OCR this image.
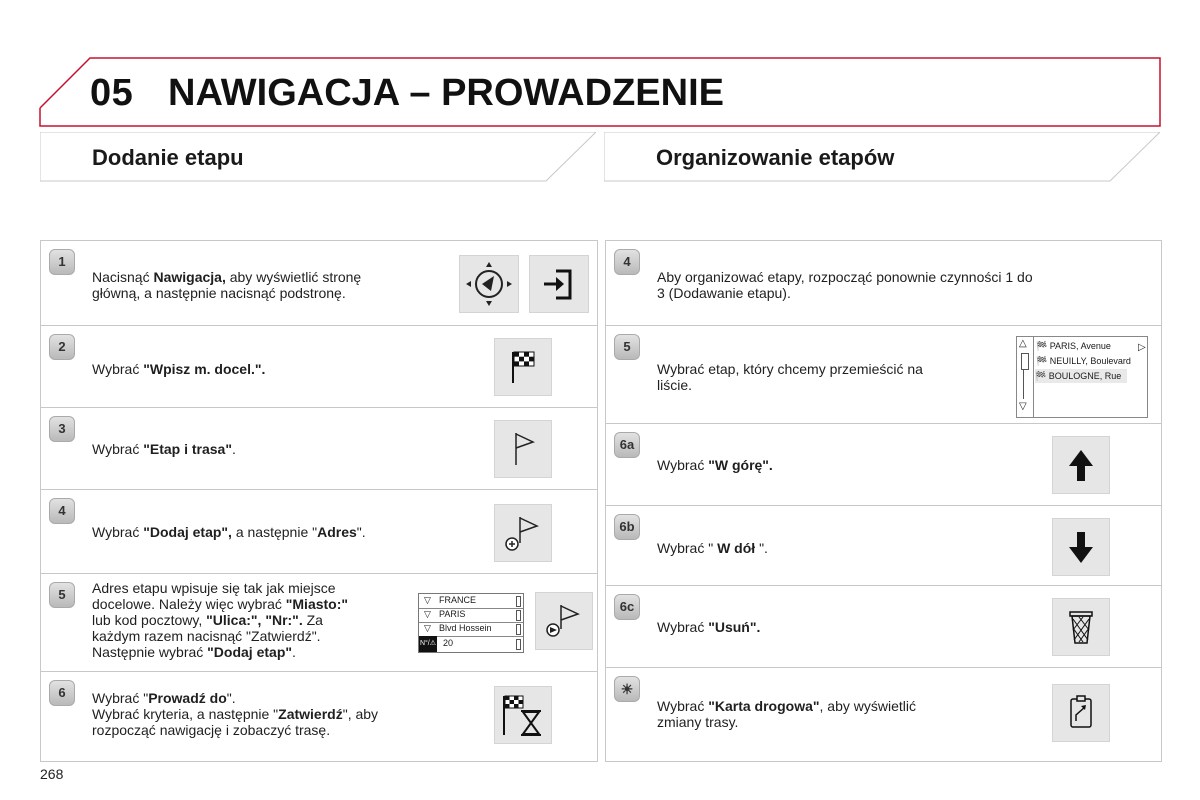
05 NAWIGACJA – PROWADZENIE
Dodanie etapu	Organizowanie etapów
1
Nacisnąć Nawigacja, aby wyświetlić stronę
główną, a następnie nacisnąć podstronę.
2
Wybrać "Wpisz m. docel.".
3
Wybrać "Etap i trasa".
4
Wybrać "Dodaj etap", a następnie "Adres".
5	Adres etapu wpisuje się tak jak miejsce
docelowe. Należy więc wybrać "Miasto:"
lub kod pocztowy, "Ulica:", "Nr:". Za
każdym razem nacisnąć "Zatwierdź".
Następnie wybrać "Dodaj etap".
▽ FRANCE
▽ PARIS
▽ Blvd Hossein
N°/⚠ 20
6	Wybrać "Prowadź do".
Wybrać kryteria, a następnie "Zatwierdź", aby
rozpocząć nawigację i zobaczyć trasę.
4
Aby organizować etapy, rozpocząć ponownie czynności 1 do
3 (Dodawanie etapu).
5
Wybrać etap, który chcemy przemieścić na
liście.
△
▽
🏁 PARIS, Avenue
🏁 NEUILLY, Boulevard
🏁 BOULOGNE, Rue
▷
6a
Wybrać "W górę".
6b
Wybrać " W dół ".
6c
Wybrać "Usuń".
☀
Wybrać "Karta drogowa", aby wyświetlić
zmiany trasy.
268
